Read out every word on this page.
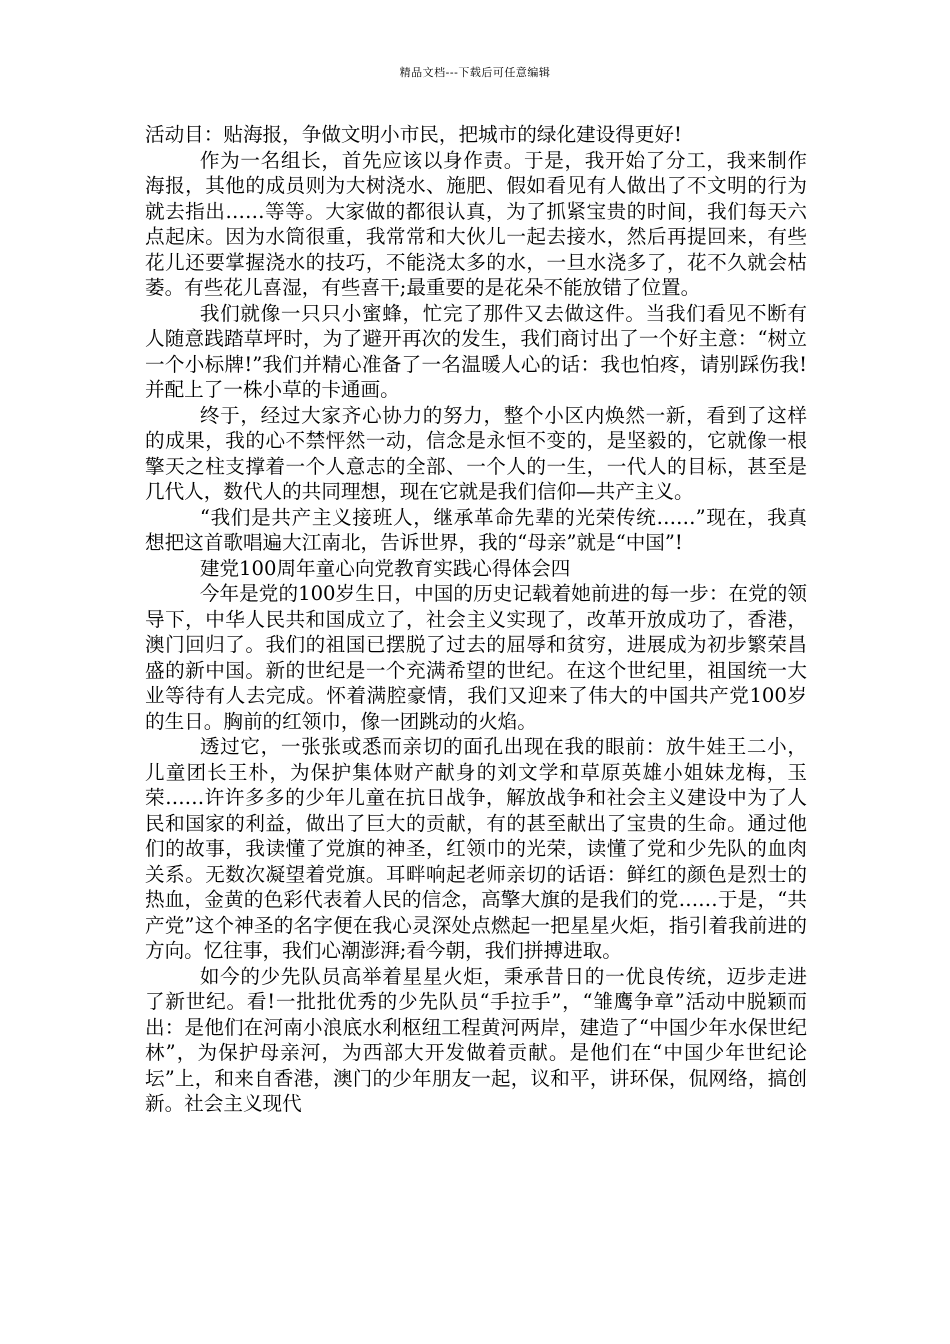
精品文档---下载后可任意编辑

活动目：贴海报，争做文明小市民，把城市的绿化建设得更好!

作为一名组长，首先应该以身作责。于是，我开始了分工，我来制作海报，其他的成员则为大树浇水、施肥、假如看见有人做出了不文明的行为就去指出……等等。大家做的都很认真，为了抓紧宝贵的时间，我们每天六点起床。因为水筒很重，我常常和大伙儿一起去接水，然后再提回来，有些花儿还要掌握浇水的技巧，不能浇太多的水，一旦水浇多了，花不久就会枯萎。有些花儿喜湿，有些喜干;最重要的是花朵不能放错了位置。

我们就像一只只小蜜蜂，忙完了那件又去做这件。当我们看见不断有人随意践踏草坪时，为了避开再次的发生，我们商讨出了一个好主意：“树立一个小标牌!”我们并精心准备了一名温暖人心的话：我也怕疼，请别踩伤我!并配上了一株小草的卡通画。

终于，经过大家齐心协力的努力，整个小区内焕然一新，看到了这样的成果，我的心不禁怦然一动，信念是永恒不变的，是坚毅的，它就像一根擎天之柱支撑着一个人意志的全部、一个人的一生，一代人的目标，甚至是几代人，数代人的共同理想，现在它就是我们信仰—共产主义。

“我们是共产主义接班人，继承革命先辈的光荣传统……”现在，我真想把这首歌唱遍大江南北，告诉世界，我的“母亲”就是“中国”!

建党100周年童心向党教育实践心得体会四

今年是党的100岁生日，中国的历史记载着她前进的每一步：在党的领导下，中华人民共和国成立了，社会主义实现了，改革开放成功了，香港，澳门回归了。我们的祖国已摆脱了过去的屈辱和贫穷，进展成为初步繁荣昌盛的新中国。新的世纪是一个充满希望的世纪。在这个世纪里，祖国统一大业等待有人去完成。怀着满腔豪情，我们又迎来了伟大的中国共产党100岁的生日。胸前的红领巾，像一团跳动的火焰。

透过它，一张张或悉而亲切的面孔出现在我的眼前：放牛娃王二小，儿童团长王朴，为保护集体财产献身的刘文学和草原英雄小姐妹龙梅，玉荣……许许多多的少年儿童在抗日战争，解放战争和社会主义建设中为了人民和国家的利益，做出了巨大的贡献，有的甚至献出了宝贵的生命。通过他们的故事，我读懂了党旗的神圣，红领巾的光荣，读懂了党和少先队的血肉关系。无数次凝望着党旗。耳畔响起老师亲切的话语：鲜红的颜色是烈士的热血，金黄的色彩代表着人民的信念，高擎大旗的是我们的党……于是，“共产党”这个神圣的名字便在我心灵深处点燃起一把星星火炬，指引着我前进的方向。忆往事，我们心潮澎湃;看今朝，我们拼搏进取。

如今的少先队员高举着星星火炬，秉承昔日的一优良传统，迈步走进了新世纪。看!一批批优秀的少先队员“手拉手”，“雏鹰争章”活动中脱颖而出：是他们在河南小浪底水利枢纽工程黄河两岸，建造了“中国少年水保世纪林”，为保护母亲河，为西部大开发做着贡献。是他们在“中国少年世纪论坛”上，和来自香港，澳门的少年朋友一起，议和平，讲环保，侃网络，搞创新。社会主义现代
